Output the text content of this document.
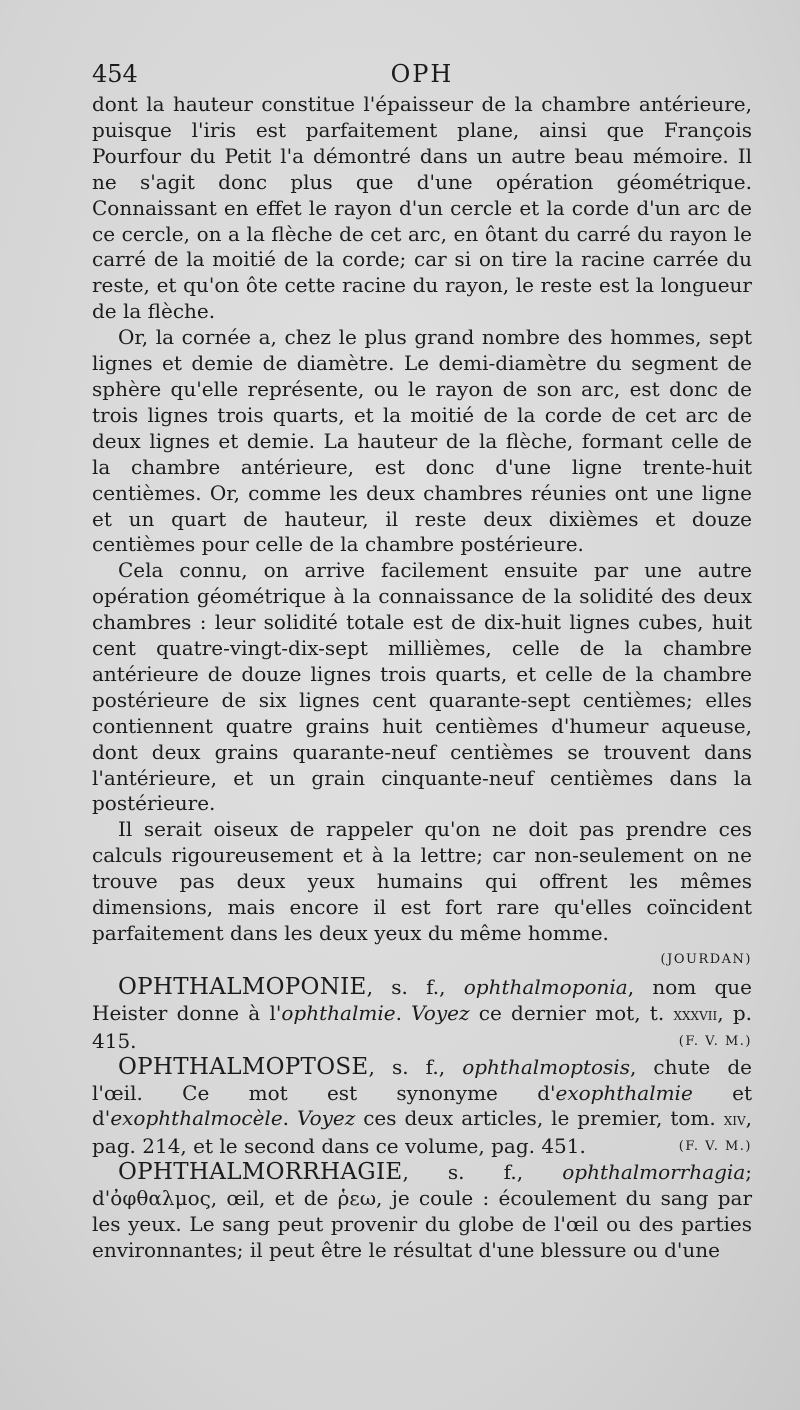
454	OPH

dont la hauteur constitue l'épaisseur de la chambre antérieure, puisque l'iris est parfaitement plane, ainsi que François Pourfour du Petit l'a démontré dans un autre beau mémoire. Il ne s'agit donc plus que d'une opération géométrique. Connaissant en effet le rayon d'un cercle et la corde d'un arc de ce cercle, on a la flèche de cet arc, en ôtant du carré du rayon le carré de la moitié de la corde; car si on tire la racine carrée du reste, et qu'on ôte cette racine du rayon, le reste est la longueur de la flèche.

Or, la cornée a, chez le plus grand nombre des hommes, sept lignes et demie de diamètre. Le demi-diamètre du segment de sphère qu'elle représente, ou le rayon de son arc, est donc de trois lignes trois quarts, et la moitié de la corde de cet arc de deux lignes et demie. La hauteur de la flèche, formant celle de la chambre antérieure, est donc d'une ligne trente-huit centièmes. Or, comme les deux chambres réunies ont une ligne et un quart de hauteur, il reste deux dixièmes et douze centièmes pour celle de la chambre postérieure.

Cela connu, on arrive facilement ensuite par une autre opération géométrique à la connaissance de la solidité des deux chambres : leur solidité totale est de dix-huit lignes cubes, huit cent quatre-vingt-dix-sept millièmes, celle de la chambre antérieure de douze lignes trois quarts, et celle de la chambre postérieure de six lignes cent quarante-sept centièmes; elles contiennent quatre grains huit centièmes d'humeur aqueuse, dont deux grains quarante-neuf centièmes se trouvent dans l'antérieure, et un grain cinquante-neuf centièmes dans la postérieure.

Il serait oiseux de rappeler qu'on ne doit pas prendre ces calculs rigoureusement et à la lettre; car non-seulement on ne trouve pas deux yeux humains qui offrent les mêmes dimensions, mais encore il est fort rare qu'elles coïncident parfaitement dans les deux yeux du même homme.

(JOURDAN)

OPHTHALMOPONIE, s. f., ophthalmoponia, nom que Heister donne à l'ophthalmie. Voyez ce dernier mot, t. xxxvii, p. 415.	(F. V. M.)

OPHTHALMOPTOSE, s. f., ophthalmoptosis, chute de l'œil. Ce mot est synonyme d'exophthalmie et d'exophthalmocèle. Voyez ces deux articles, le premier, tom. xiv, pag. 214, et le second dans ce volume, pag. 451.	(F. V. M.)

OPHTHALMORRHAGIE, s. f., ophthalmorrhagia; d'ὀφθαλμος, œil, et de ῥεω, je coule : écoulement du sang par les yeux. Le sang peut provenir du globe de l'œil ou des parties environnantes; il peut être le résultat d'une blessure ou d'une
